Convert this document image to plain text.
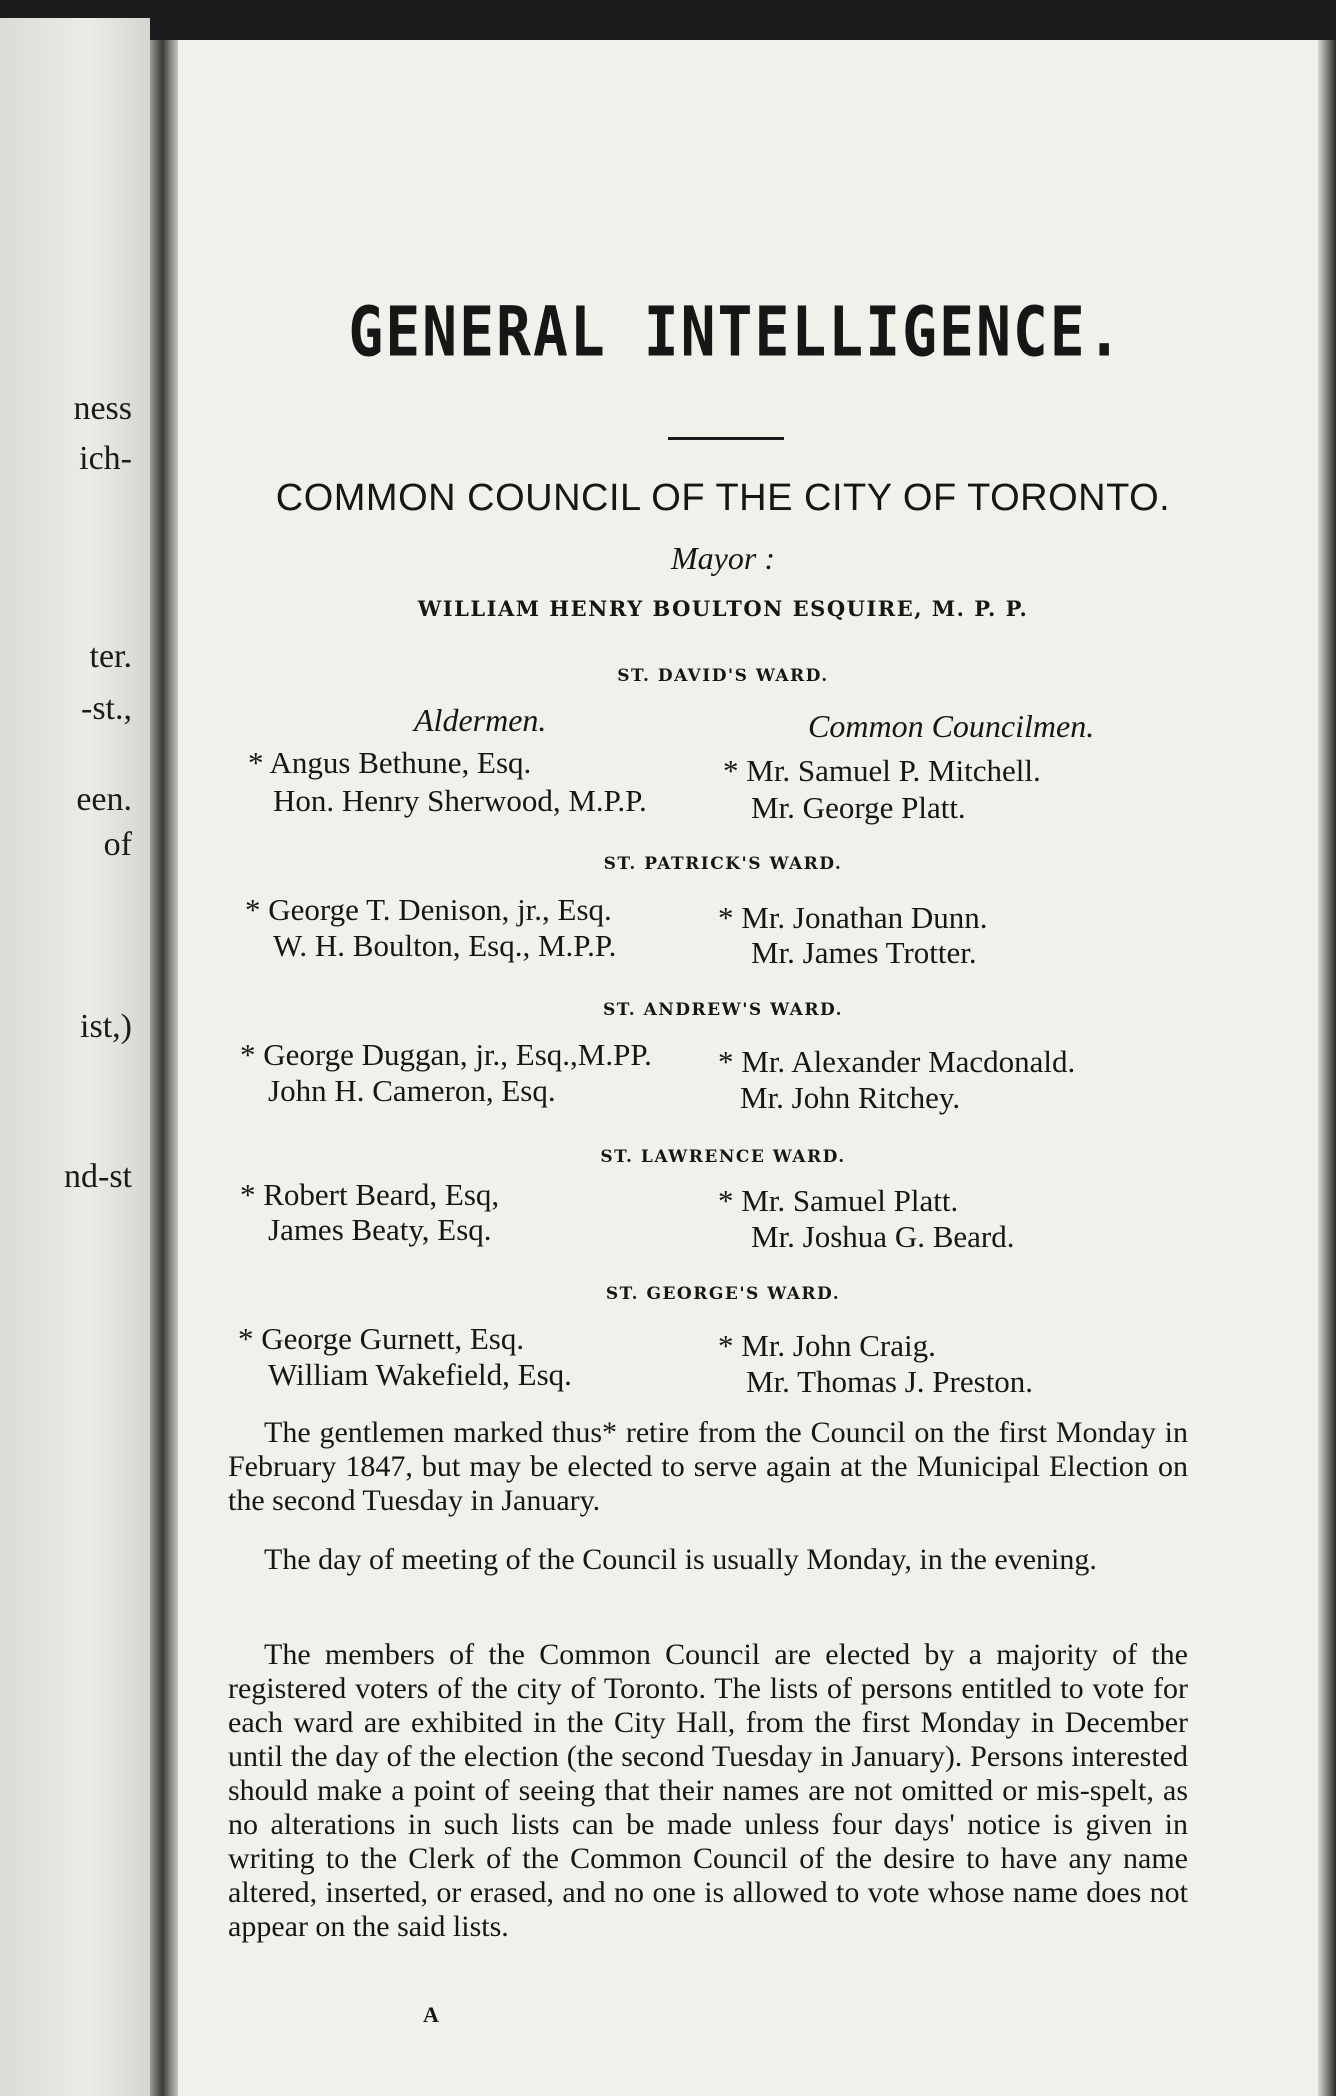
ness
ich-
ter.
-st.,
een.
of
ist,)
nd-st
GENERAL INTELLIGENCE.
COMMON COUNCIL OF THE CITY OF TORONTO.
Mayor :
WILLIAM HENRY BOULTON ESQUIRE, M. P. P.
ST. DAVID'S WARD.
Aldermen.	Common Councilmen.
* Angus Bethune, Esq.
Hon. Henry Sherwood, M.P.P.
* Mr. Samuel P. Mitchell.
Mr. George Platt.
ST. PATRICK'S WARD.
* George T. Denison, jr., Esq.
W. H. Boulton, Esq., M.P.P.
* Mr. Jonathan Dunn.
Mr. James Trotter.
ST. ANDREW'S WARD.
* George Duggan, jr., Esq.,M.PP.
John H. Cameron, Esq.
* Mr. Alexander Macdonald.
Mr. John Ritchey.
ST. LAWRENCE WARD.
* Robert Beard, Esq,
James Beaty, Esq.
* Mr. Samuel Platt.
Mr. Joshua G. Beard.
ST. GEORGE'S WARD.
* George Gurnett, Esq.
William Wakefield, Esq.
* Mr. John Craig.
Mr. Thomas J. Preston.

The gentlemen marked thus* retire from the Council on the first Monday in February 1847, but may be elected to serve again at the Municipal Election on the second Tuesday in January.

The day of meeting of the Council is usually Monday, in the evening.

The members of the Common Council are elected by a majority of the registered voters of the city of Toronto. The lists of persons entitled to vote for each ward are exhibited in the City Hall, from the first Monday in December until the day of the election (the second Tuesday in January). Persons interested should make a point of seeing that their names are not omitted or mis-spelt, as no alterations in such lists can be made unless four days' notice is given in writing to the Clerk of the Common Council of the desire to have any name altered, inserted, or erased, and no one is allowed to vote whose name does not appear on the said lists.

A
